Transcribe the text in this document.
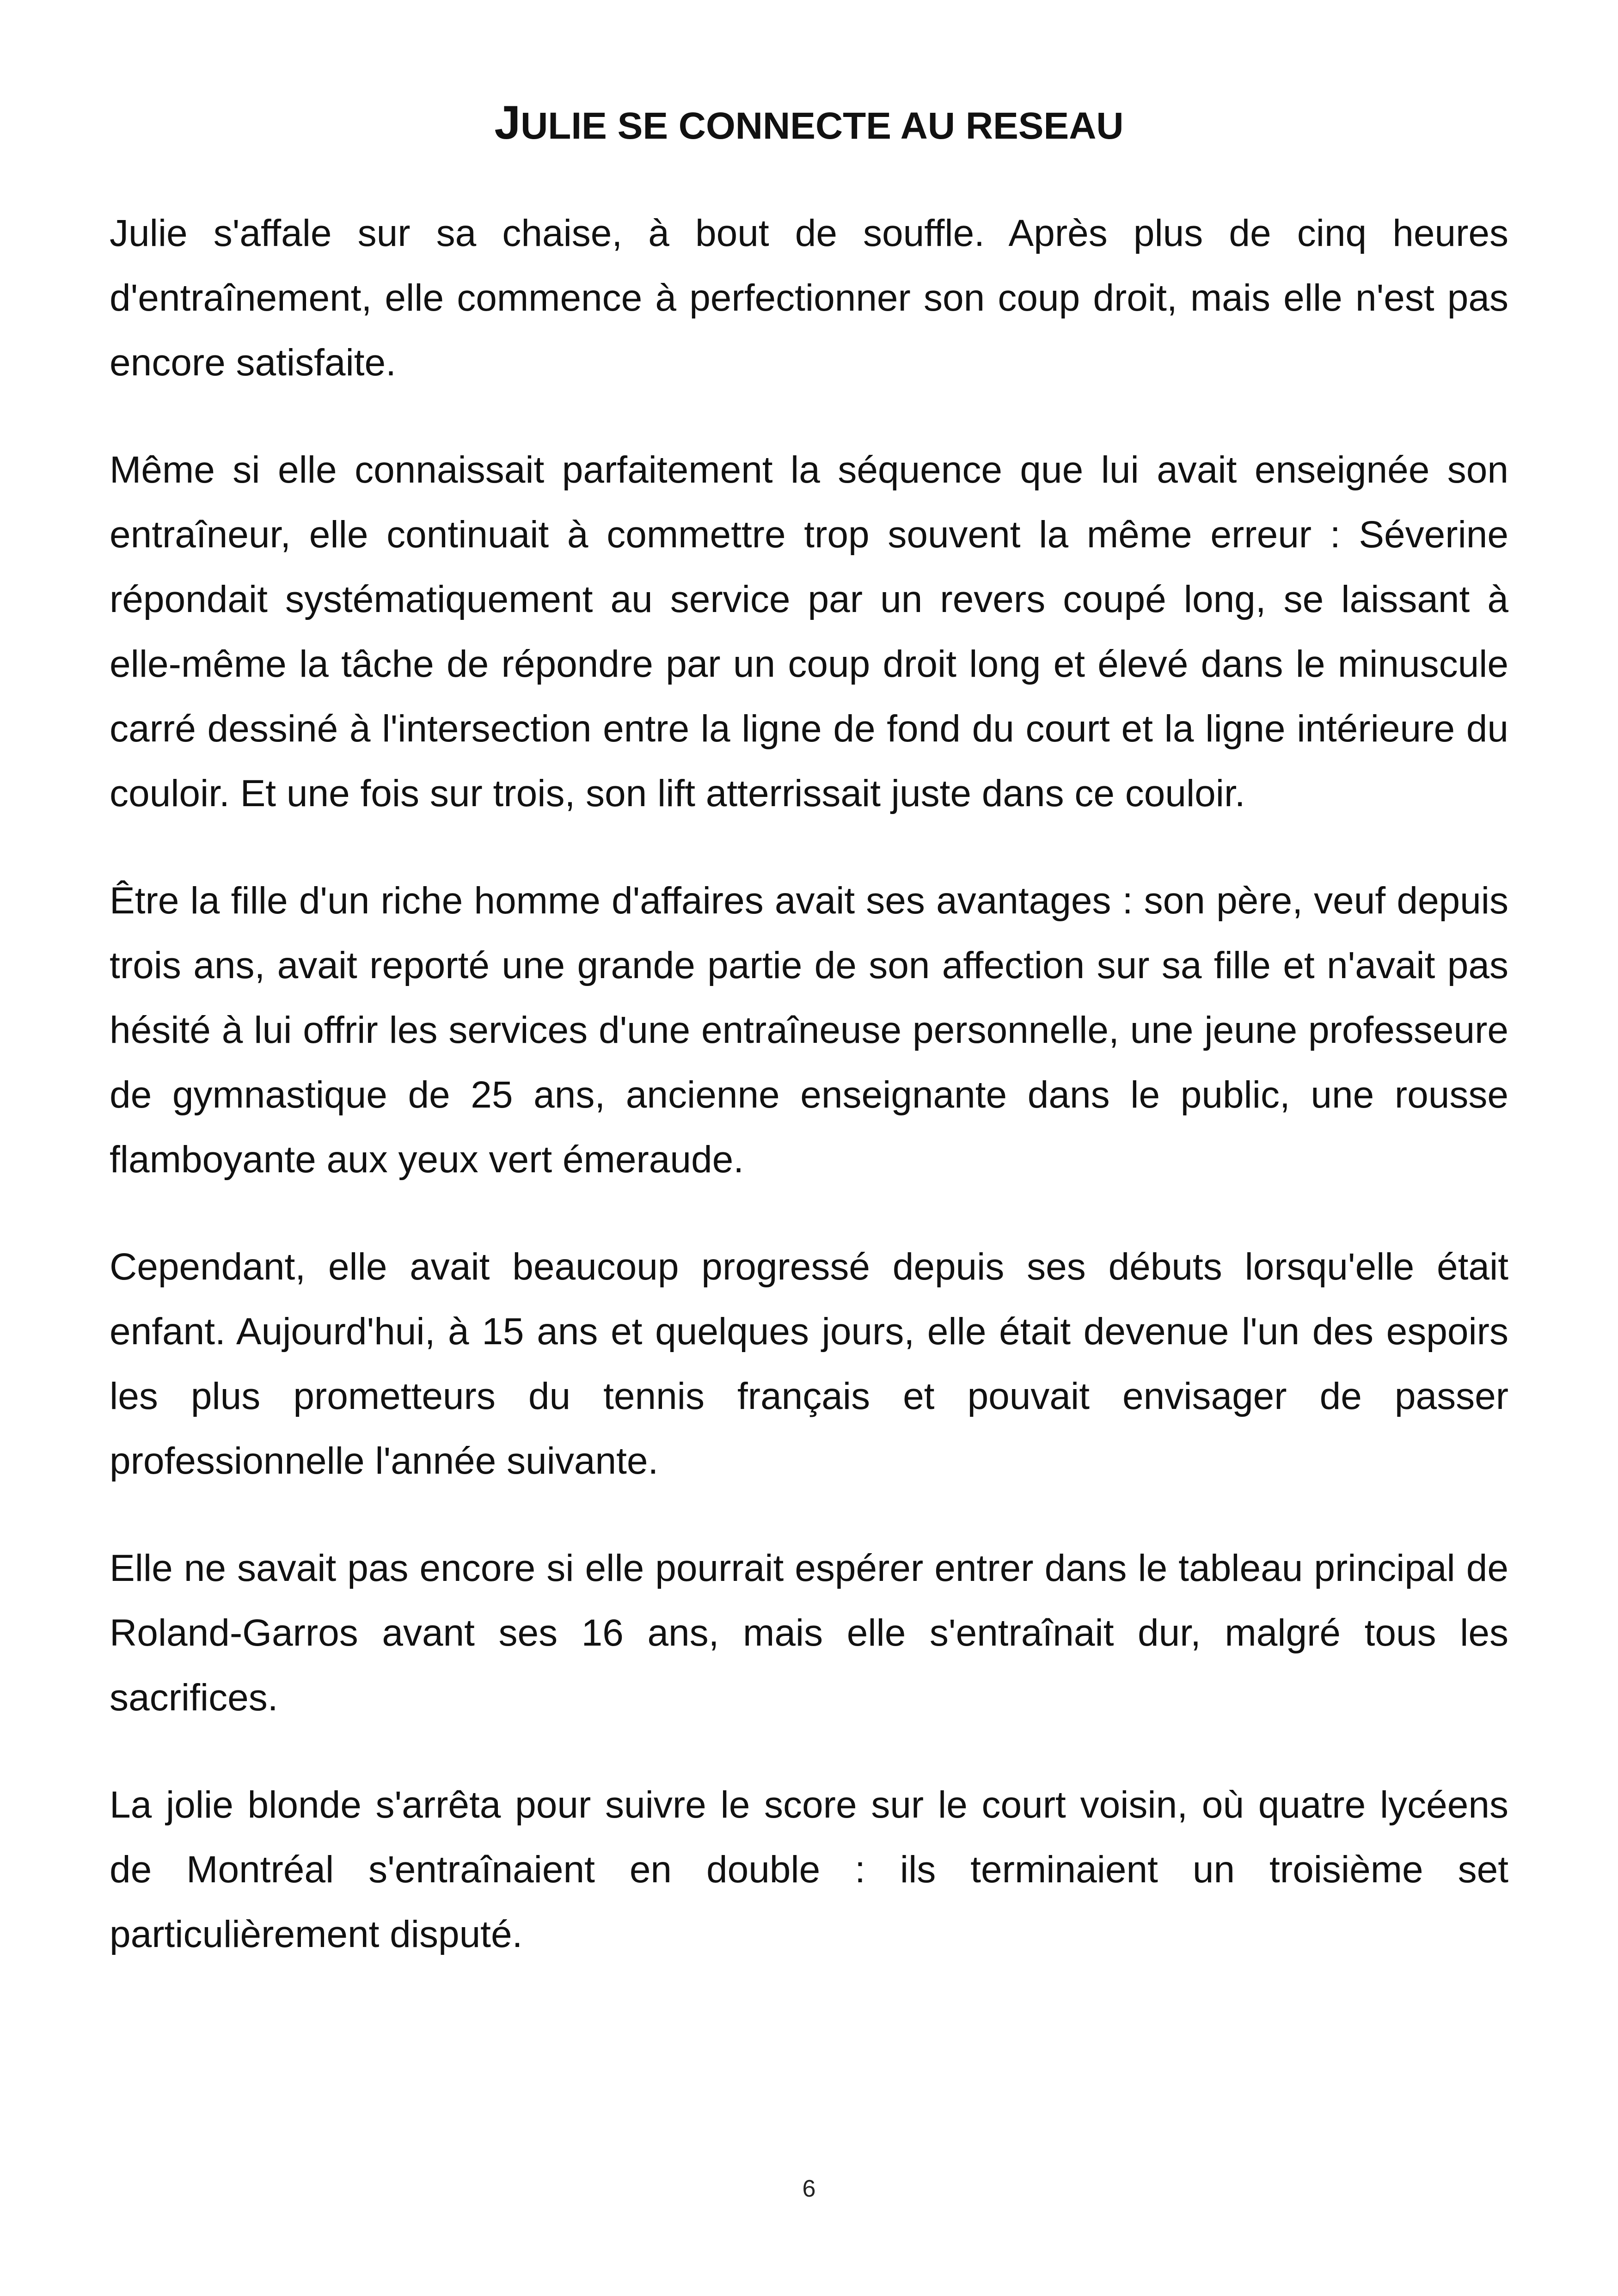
JULIE SE CONNECTE AU RESEAU

Julie s'affale sur sa chaise, à bout de souffle. Après plus de cinq heures d'entraînement, elle commence à perfectionner son coup droit, mais elle n'est pas encore satisfaite.

Même si elle connaissait parfaitement la séquence que lui avait enseignée son entraîneur, elle continuait à commettre trop souvent la même erreur : Séverine répondait systématiquement au service par un revers coupé long, se laissant à elle-même la tâche de répondre par un coup droit long et élevé dans le minuscule carré dessiné à l'intersection entre la ligne de fond du court et la ligne intérieure du couloir. Et une fois sur trois, son lift atterrissait juste dans ce couloir.

Être la fille d'un riche homme d'affaires avait ses avantages : son père, veuf depuis trois ans, avait reporté une grande partie de son affection sur sa fille et n'avait pas hésité à lui offrir les services d'une entraîneuse personnelle, une jeune professeure de gymnastique de 25 ans, ancienne enseignante dans le public, une rousse flamboyante aux yeux vert émeraude.

Cependant, elle avait beaucoup progressé depuis ses débuts lorsqu'elle était enfant. Aujourd'hui, à 15 ans et quelques jours, elle était devenue l'un des espoirs les plus prometteurs du tennis français et pouvait envisager de passer professionnelle l'année suivante.

Elle ne savait pas encore si elle pourrait espérer entrer dans le tableau principal de Roland-Garros avant ses 16 ans, mais elle s'entraînait dur, malgré tous les sacrifices.

La jolie blonde s'arrêta pour suivre le score sur le court voisin, où quatre lycéens de Montréal s'entraînaient en double : ils terminaient un troisième set particulièrement disputé.

6
